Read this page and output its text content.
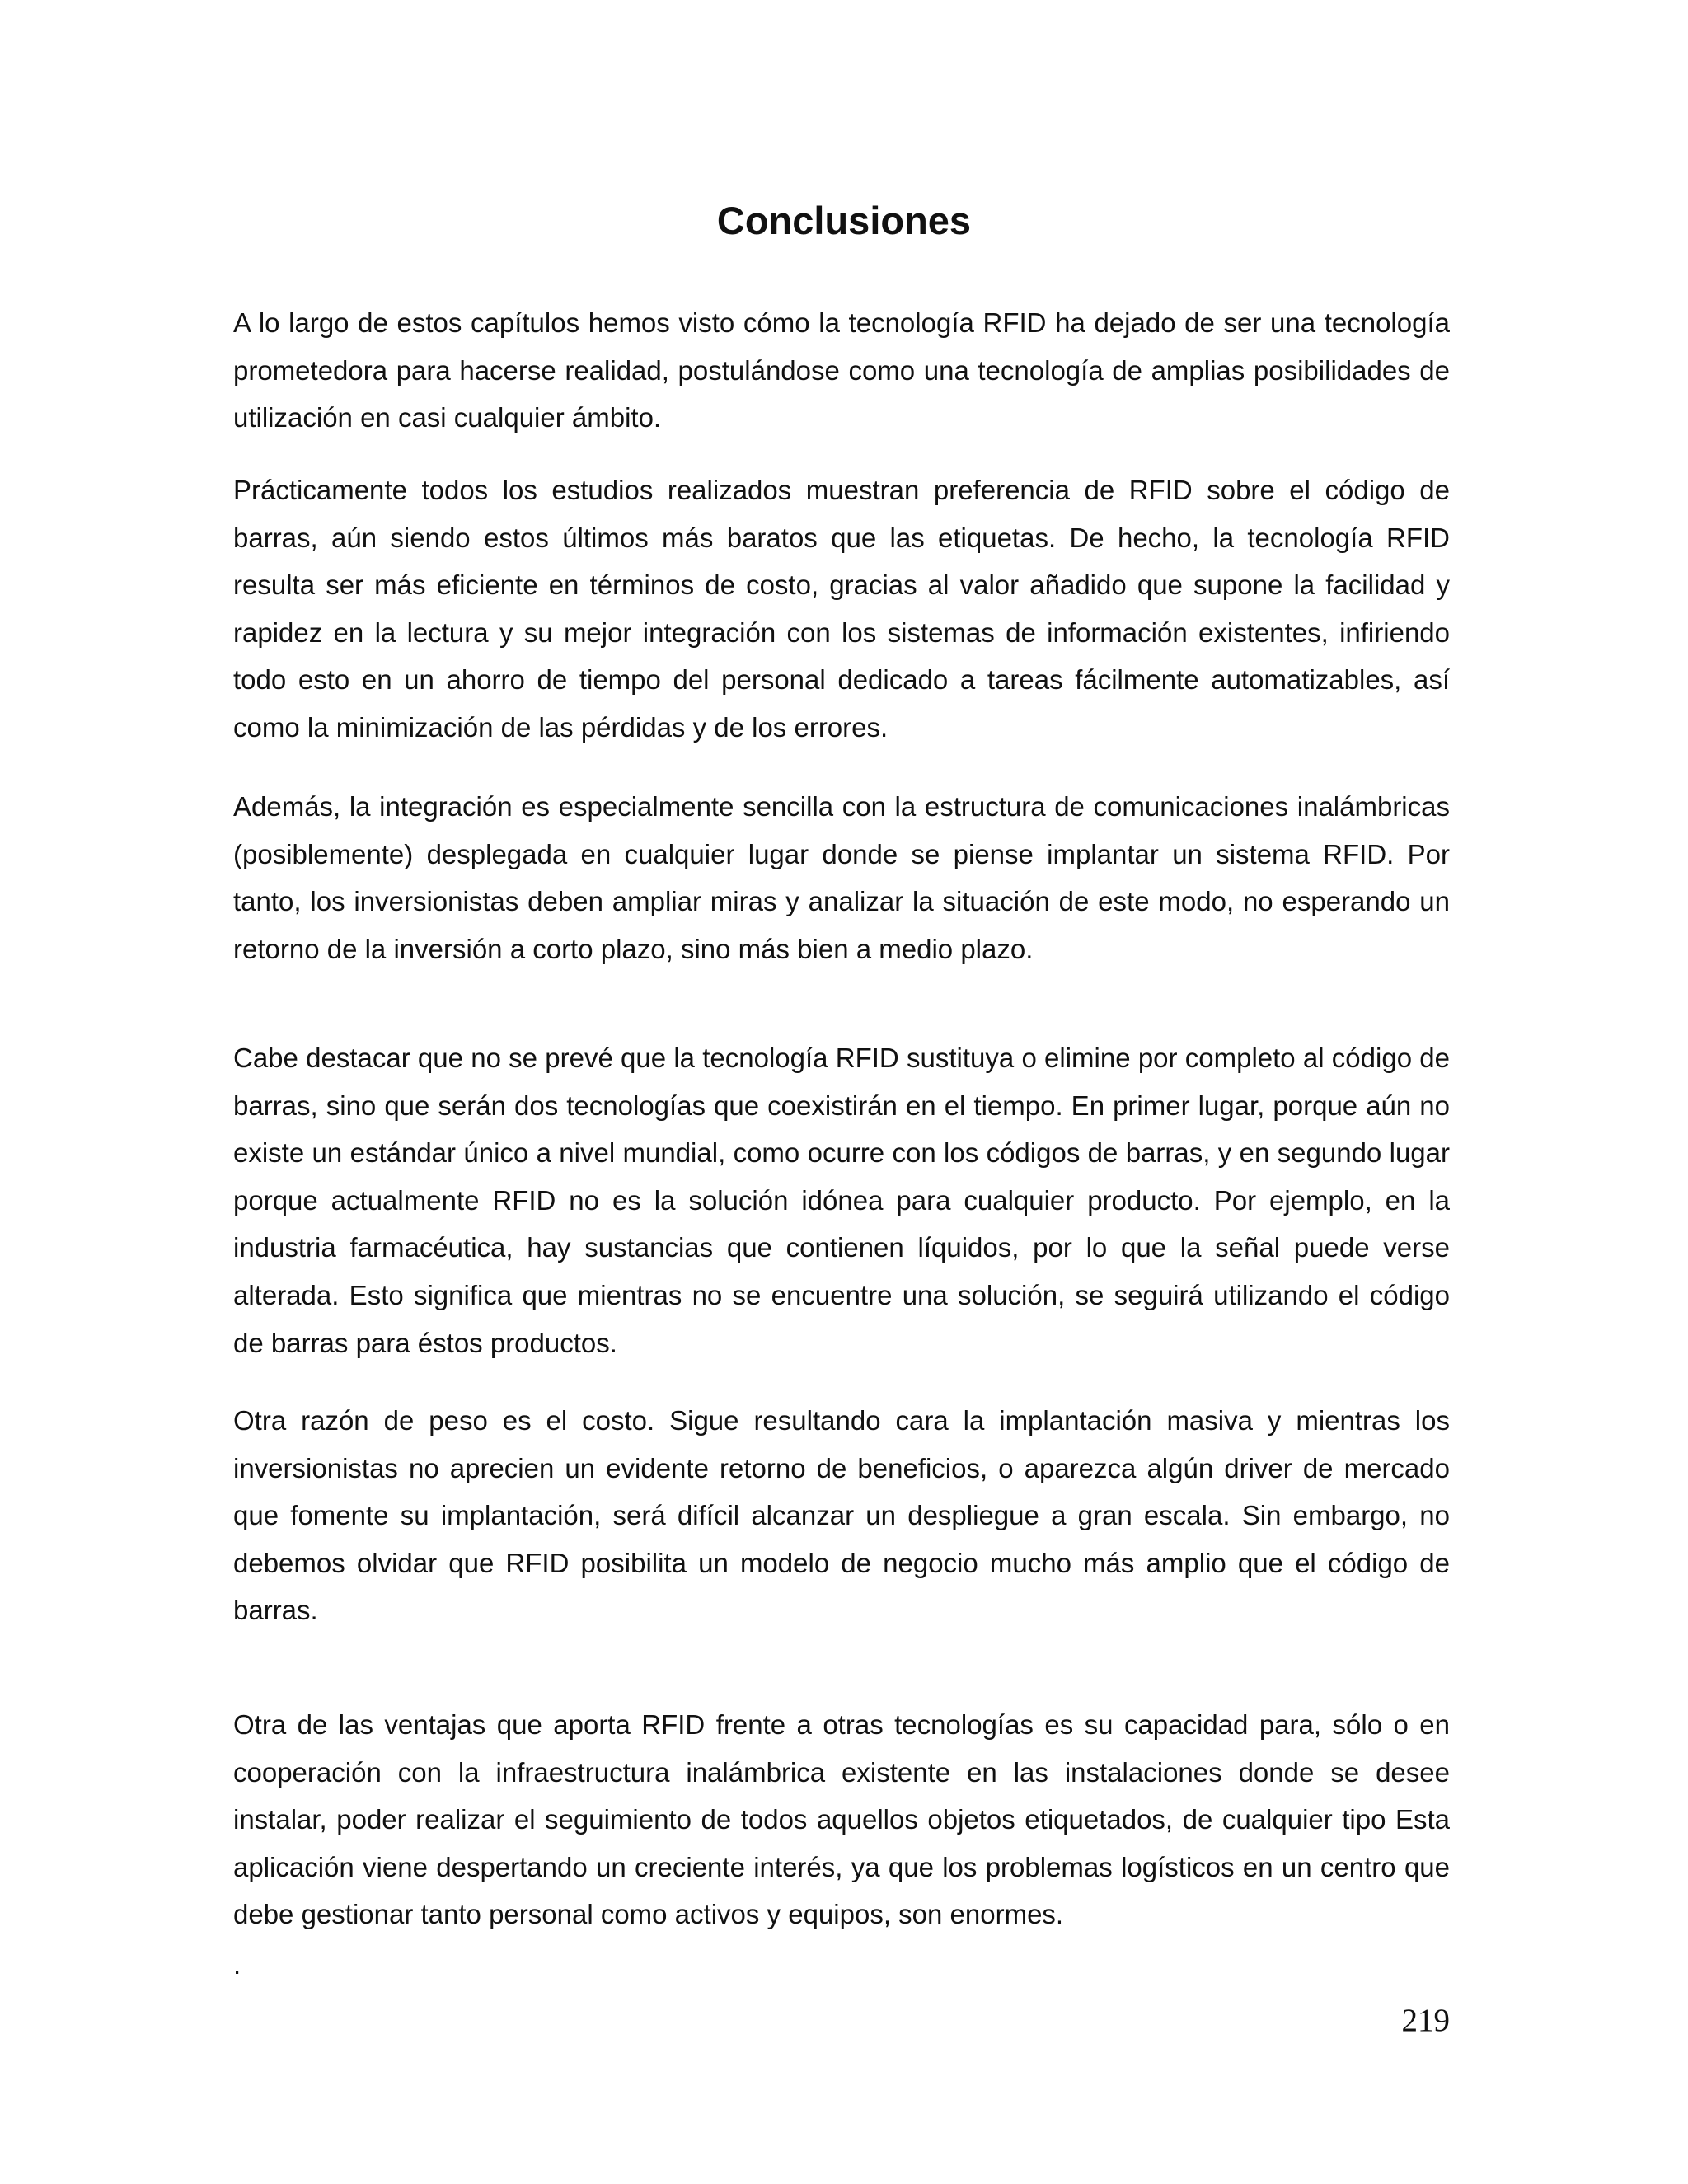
Conclusiones

A lo largo de estos capítulos hemos visto cómo la tecnología RFID ha dejado de ser una tecnología prometedora para hacerse realidad, postulándose como una tecnología de amplias posibilidades de utilización en casi cualquier ámbito.

Prácticamente todos los estudios realizados muestran preferencia de RFID sobre el código de barras, aún siendo estos últimos más baratos que las etiquetas. De hecho, la tecnología RFID resulta ser más eficiente en términos de costo, gracias al valor añadido que supone la facilidad y rapidez en la lectura y su mejor integración con los sistemas de información existentes, infiriendo todo esto en un ahorro de tiempo del personal dedicado a tareas fácilmente automatizables, así como la minimización de las pérdidas y de los errores.

Además, la integración es especialmente sencilla con la estructura de comunicaciones inalámbricas (posiblemente) desplegada en cualquier lugar donde se piense implantar un sistema RFID. Por tanto, los inversionistas deben ampliar miras y analizar la situación de este modo, no esperando un retorno de la inversión a corto plazo, sino más bien a medio plazo.

Cabe destacar que no se prevé que la tecnología RFID sustituya o elimine por completo al código de barras, sino que serán dos tecnologías que coexistirán en el tiempo. En primer lugar, porque aún no existe un estándar único a nivel mundial, como ocurre con los códigos de barras, y en segundo lugar porque actualmente RFID no es la solución idónea para cualquier producto. Por ejemplo, en la industria farmacéutica, hay sustancias que contienen líquidos, por lo que la señal puede verse alterada. Esto significa que mientras no se encuentre una solución, se seguirá utilizando el código de barras para éstos productos.

Otra razón de peso es el costo. Sigue resultando cara la implantación masiva y mientras los inversionistas no aprecien un evidente retorno de beneficios, o aparezca algún driver de mercado que fomente su implantación, será difícil alcanzar un despliegue a gran escala. Sin embargo, no debemos olvidar que RFID posibilita un modelo de negocio mucho más amplio que el código de barras.

Otra de las ventajas que aporta RFID frente a otras tecnologías es su capacidad para, sólo o en cooperación con la infraestructura inalámbrica existente en las instalaciones donde se desee instalar, poder realizar el seguimiento de todos aquellos objetos etiquetados, de cualquier tipo Esta aplicación viene despertando un creciente interés, ya que los problemas logísticos en un centro que debe gestionar tanto personal como activos y equipos, son enormes.

.
219
